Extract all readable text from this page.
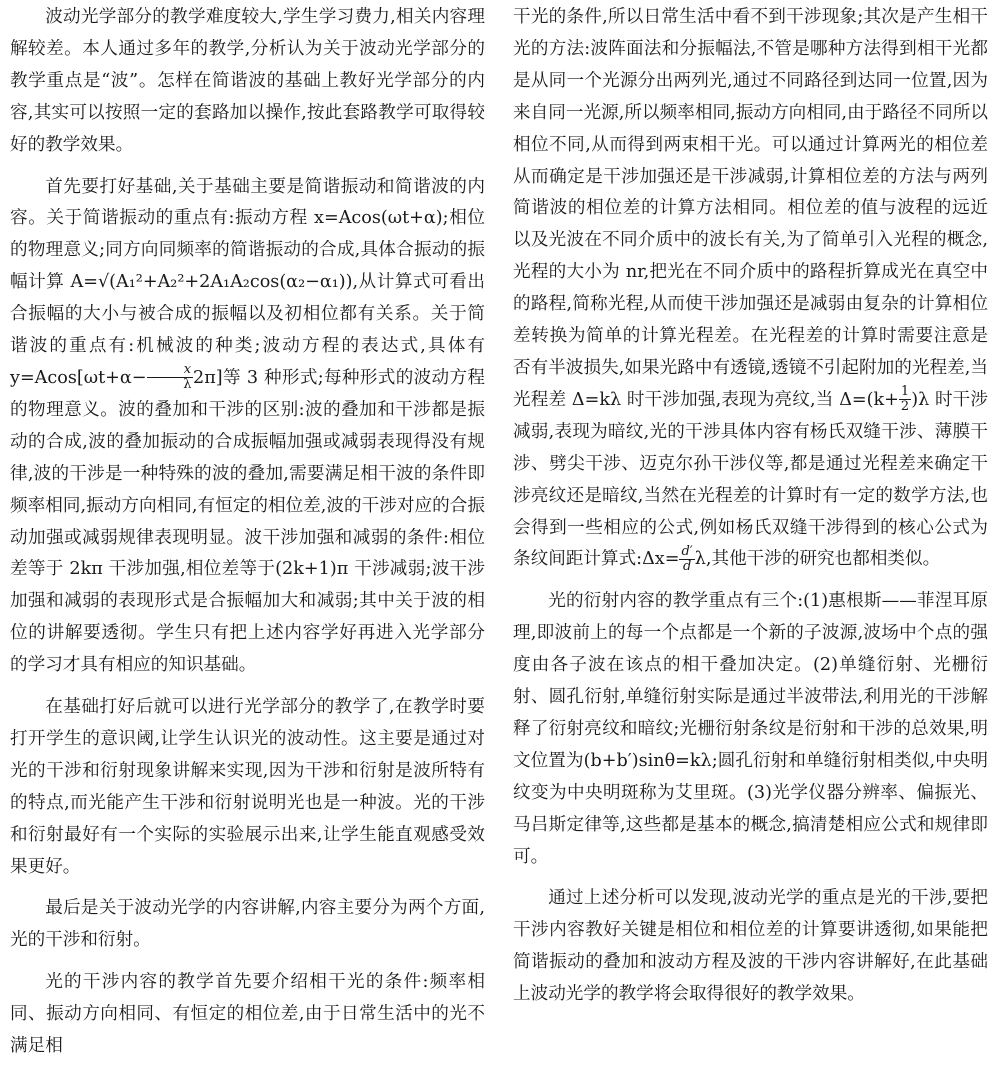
波动光学部分的教学难度较大,学生学习费力,相关内容理解较差。本人通过多年的教学,分析认为关于波动光学部分的教学重点是“波”。怎样在简谐波的基础上教好光学部分的内容,其实可以按照一定的套路加以操作,按此套路教学可取得较好的教学效果。

首先要打好基础,关于基础主要是简谐振动和简谐波的内容。关于简谐振动的重点有:振动方程 x=Acos(ωt+α);相位的物理意义;同方向同频率的简谐振动的合成,具体合振动的振幅计算 A=√(A₁²+A₂²+2A₁A₂cos(α₂−α₁)),从计算式可看出合振幅的大小与被合成的振幅以及初相位都有关系。关于简谐波的重点有:机械波的种类;波动方程的表达式,具体有 $y=Acos[\omega t+\alpha- \frac{x}{\lambda} 2\pi]$等 3 种形式;每种形式的波动方程的物理意义。波的叠加和干涉的区别:波的叠加和干涉都是振动的合成,波的叠加振动的合成振幅加强或减弱表现得没有规律,波的干涉是一种特殊的波的叠加,需要满足相干波的条件即频率相同,振动方向相同,有恒定的相位差,波的干涉对应的合振动加强或减弱规律表现明显。波干涉加强和减弱的条件:相位差等于 2kπ 干涉加强,相位差等于(2k+1)π 干涉减弱;波干涉加强和减弱的表现形式是合振幅加大和减弱;其中关于波的相位的讲解要透彻。学生只有把上述内容学好再进入光学部分的学习才具有相应的知识基础。

在基础打好后就可以进行光学部分的教学了,在教学时要打开学生的意识阈,让学生认识光的波动性。这主要是通过对光的干涉和衍射现象讲解来实现,因为干涉和衍射是波所特有的特点,而光能产生干涉和衍射说明光也是一种波。光的干涉和衍射最好有一个实际的实验展示出来,让学生能直观感受效果更好。

最后是关于波动光学的内容讲解,内容主要分为两个方面,光的干涉和衍射。

光的干涉内容的教学首先要介绍相干光的条件:频率相同、振动方向相同、有恒定的相位差,由于日常生活中的光不满足相

干光的条件,所以日常生活中看不到干涉现象;其次是产生相干光的方法:波阵面法和分振幅法,不管是哪种方法得到相干光都是从同一个光源分出两列光,通过不同路径到达同一位置,因为来自同一光源,所以频率相同,振动方向相同,由于路径不同所以相位不同,从而得到两束相干光。可以通过计算两光的相位差从而确定是干涉加强还是干涉减弱,计算相位差的方法与两列简谐波的相位差的计算方法相同。相位差的值与波程的远近以及光波在不同介质中的波长有关,为了简单引入光程的概念,光程的大小为 nr,把光在不同介质中的路程折算成光在真空中的路程,简称光程,从而使干涉加强还是减弱由复杂的计算相位差转换为简单的计算光程差。在光程差的计算时需要注意是否有半波损失,如果光路中有透镜,透镜不引起附加的光程差,当光程差 Δ=kλ 时干涉加强,表现为亮纹,当 $\Delta=(k+ \frac{1}{2} )\lambda$ 时干涉减弱,表现为暗纹,光的干涉具体内容有杨氏双缝干涉、薄膜干涉、劈尖干涉、迈克尔孙干涉仪等,都是通过光程差来确定干涉亮纹还是暗纹,当然在光程差的计算时有一定的数学方法,也会得到一些相应的公式,例如杨氏双缝干涉得到的核心公式为条纹间距计算式:Δx= $\frac{d'}{d} \lambda$,其他干涉的研究也都相类似。

光的衍射内容的教学重点有三个:(1)惠根斯——菲涅耳原理,即波前上的每一个点都是一个新的子波源,波场中个点的强度由各子波在该点的相干叠加决定。(2)单缝衍射、光栅衍射、圆孔衍射,单缝衍射实际是通过半波带法,利用光的干涉解释了衍射亮纹和暗纹;光栅衍射条纹是衍射和干涉的总效果,明文位置为(b+b′)sinθ=kλ;圆孔衍射和单缝衍射相类似,中央明纹变为中央明斑称为艾里斑。(3)光学仪器分辨率、偏振光、马吕斯定律等,这些都是基本的概念,搞清楚相应公式和规律即可。

通过上述分析可以发现,波动光学的重点是光的干涉,要把干涉内容教好关键是相位和相位差的计算要讲透彻,如果能把简谐振动的叠加和波动方程及波的干涉内容讲解好,在此基础上波动光学的教学将会取得很好的教学效果。
